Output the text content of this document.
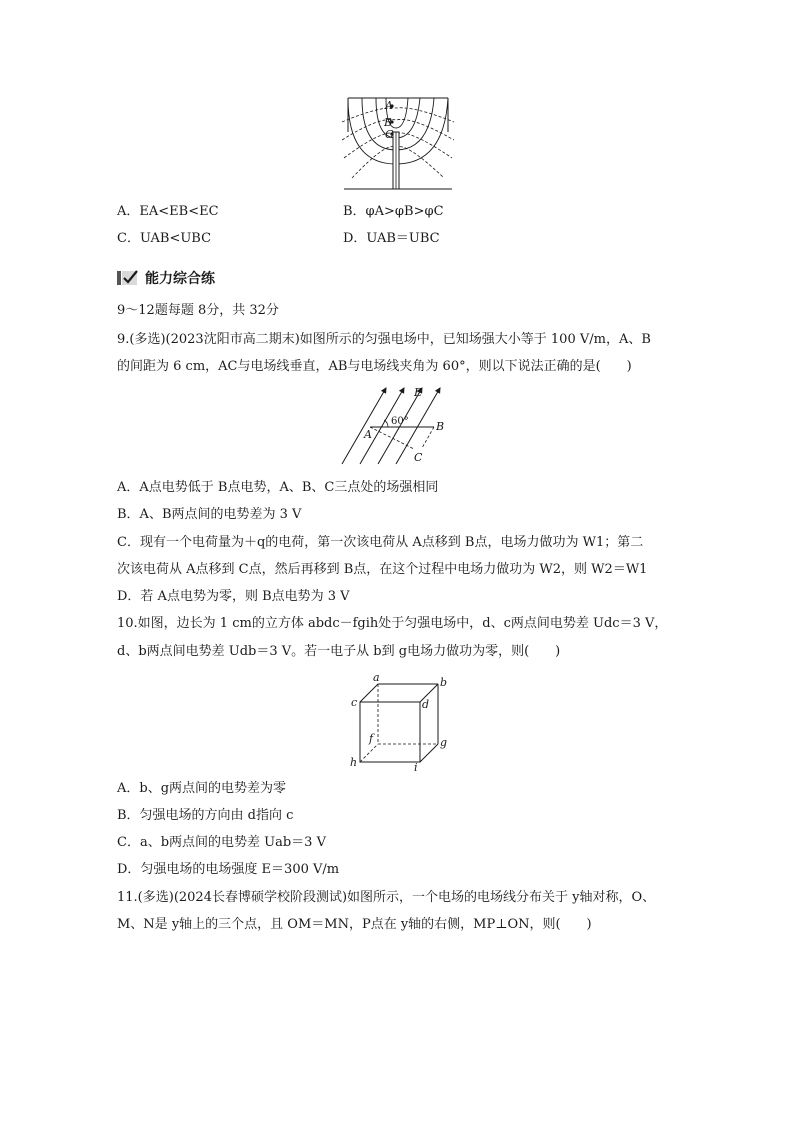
A
B
C
A．EA<EB<EC	B．φA>φB>φC
C．UAB<UBC	D．UAB＝UBC
能力综合练
9～12题每题 8分，共 32分
9.(多选)(2023沈阳市高二期末)如图所示的匀强电场中，已知场强大小等于 100 V/m，A、B
的间距为 6 cm，AC与电场线垂直，AB与电场线夹角为 60°，则以下说法正确的是(　　)
E
60°
A
B
C
A．A点电势低于 B点电势，A、B、C三点处的场强相同
B．A、B两点间的电势差为 3 V
C．现有一个电荷量为＋q的电荷，第一次该电荷从 A点移到 B点，电场力做功为 W1；第二
次该电荷从 A点移到 C点，然后再移到 B点，在这个过程中电场力做功为 W2，则 W2＝W1
D．若 A点电势为零，则 B点电势为 3 V
10.如图，边长为 1 cm的立方体 abdc－fgih处于匀强电场中，d、c两点间电势差 Udc＝3 V，
d、b两点间电势差 Udb＝3 V。若一电子从 b到 g电场力做功为零，则(　　)
a	b
c	d
f	g
h	i
A．b、g两点间的电势差为零
B．匀强电场的方向由 d指向 c
C．a、b两点间的电势差 Uab＝3 V
D．匀强电场的电场强度 E＝300 V/m
11.(多选)(2024长春博硕学校阶段测试)如图所示，一个电场的电场线分布关于 y轴对称，O、
M、N是 y轴上的三个点，且 OM＝MN，P点在 y轴的右侧，MP⊥ON，则(　　)
